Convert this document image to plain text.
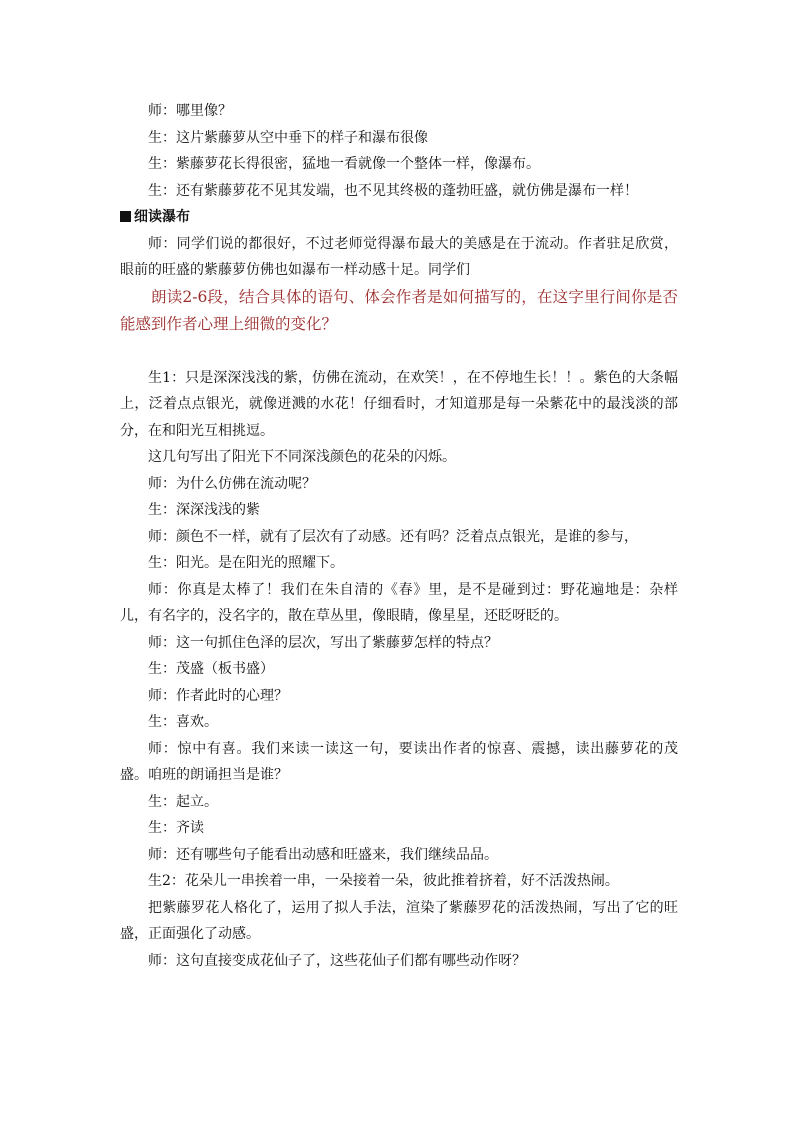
师：哪里像？

生：这片紫藤萝从空中垂下的样子和瀑布很像

生：紫藤萝花长得很密，猛地一看就像一个整体一样，像瀑布。

生：还有紫藤萝花不见其发端，也不见其终极的蓬勃旺盛，就仿佛是瀑布一样！

细读瀑布

师：同学们说的都很好，不过老师觉得瀑布最大的美感是在于流动。作者驻足欣赏，眼前的旺盛的紫藤萝仿佛也如瀑布一样动感十足。同学们

朗读2-6段，结合具体的语句、体会作者是如何描写的，在这字里行间你是否能感到作者心理上细微的变化？

生1：只是深深浅浅的紫，仿佛在流动，在欢笑！，在不停地生长！！。紫色的大条幅上，泛着点点银光，就像迸溅的水花！仔细看时，才知道那是每一朵紫花中的最浅淡的部分，在和阳光互相挑逗。

这几句写出了阳光下不同深浅颜色的花朵的闪烁。

师：为什么仿佛在流动呢？

生：深深浅浅的紫

师：颜色不一样，就有了层次有了动感。还有吗？泛着点点银光，是谁的参与，

生：阳光。是在阳光的照耀下。

师：你真是太棒了！我们在朱自清的《春》里，是不是碰到过：野花遍地是：杂样儿，有名字的，没名字的，散在草丛里，像眼睛，像星星，还眨呀眨的。

师：这一句抓住色泽的层次，写出了紫藤萝怎样的特点？

生：茂盛（板书盛）

师：作者此时的心理？

生：喜欢。

师：惊中有喜。我们来读一读这一句，要读出作者的惊喜、震撼，读出藤萝花的茂盛。咱班的朗诵担当是谁？

生：起立。

生：齐读

师：还有哪些句子能看出动感和旺盛来，我们继续品品。

生2：花朵儿一串挨着一串，一朵接着一朵，彼此推着挤着，好不活泼热闹。

把紫藤罗花人格化了，运用了拟人手法，渲染了紫藤罗花的活泼热闹，写出了它的旺盛，正面强化了动感。

师：这句直接变成花仙子了，这些花仙子们都有哪些动作呀？
